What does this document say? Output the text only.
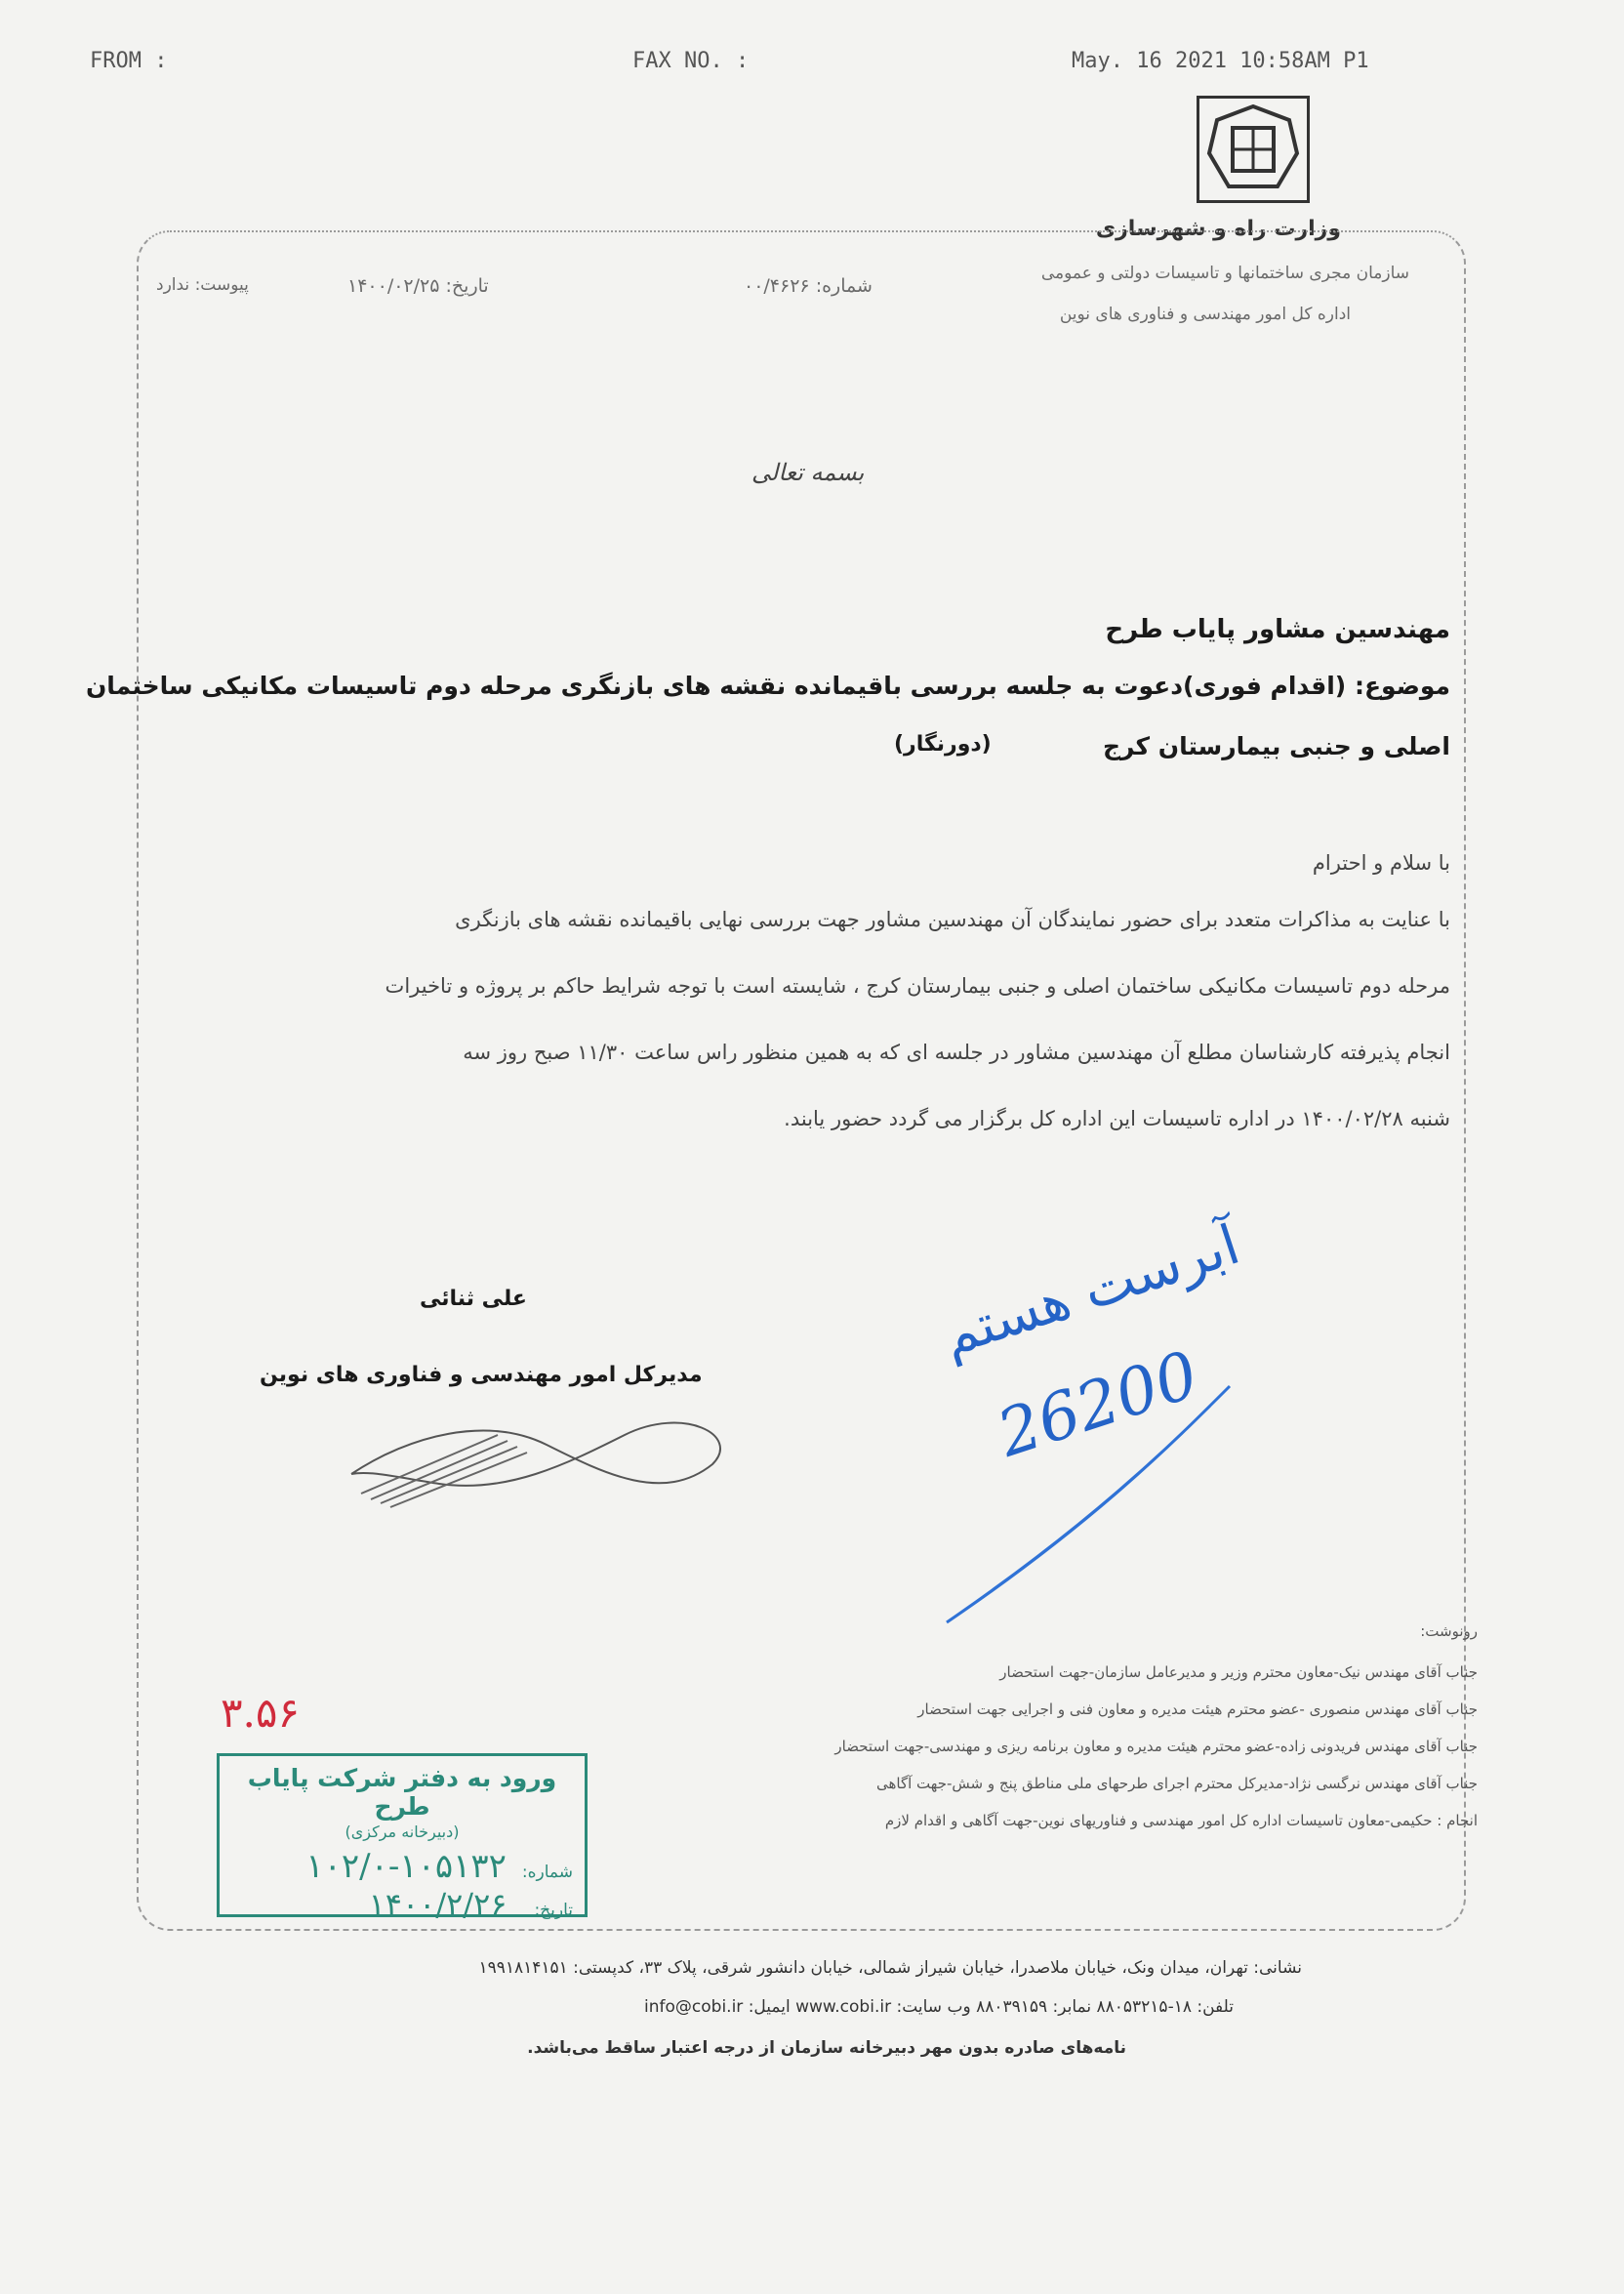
FROM :	FAX NO. :	May. 16 2021 10:58AM P1
وزارت راه و شهرسازی
سازمان مجری ساختمانها و تاسیسات دولتی و عمومی
اداره کل امور مهندسی و فناوری های نوین
پیوست: ندارد	تاریخ: ۱۴۰۰/۰۲/۲۵	شماره: ۰۰/۴۶۲۶
بسمه تعالی
مهندسین مشاور پایاب طرح
موضوع: (اقدام فوری)دعوت به جلسه بررسی باقیمانده نقشه های بازنگری مرحله دوم تاسیسات مکانیکی ساختمان
اصلی و جنبی بیمارستان کرج
(دورنگار)
با سلام و احترام
با عنایت به مذاکرات متعدد برای حضور نمایندگان آن مهندسین مشاور جهت بررسی نهایی باقیمانده نقشه های بازنگری
مرحله دوم تاسیسات مکانیکی ساختمان اصلی و جنبی بیمارستان کرج ، شایسته است با توجه شرایط حاکم بر پروژه و تاخیرات
انجام پذیرفته کارشناسان مطلع آن مهندسین مشاور در جلسه ای که به همین منظور راس ساعت ۱۱/۳۰ صبح روز سه
شنبه ۱۴۰۰/۰۲/۲۸ در اداره تاسیسات این اداره کل برگزار می گردد حضور یابند.
علی ثنائی
مدیرکل امور مهندسی و فناوری های نوین
آبرست هستم
26200
رونوشت:
جناب آقای مهندس نیک-معاون محترم وزیر و مدیرعامل سازمان-جهت استحضار
جناب آقای مهندس منصوری -عضو محترم هیئت مدیره و معاون فنی و اجرایی جهت استحضار
جناب آقای مهندس فریدونی زاده-عضو محترم هیئت مدیره و معاون برنامه ریزی و مهندسی-جهت استحضار
جناب آقای مهندس نرگسی نژاد-مدیرکل محترم اجرای طرحهای ملی مناطق پنج و شش-جهت آگاهی
انجام : حکیمی-معاون تاسیسات اداره کل امور مهندسی و فناوریهای نوین-جهت آگاهی و اقدام لازم
۳.۵۶
ورود به دفتر شرکت پایاب طرح
(دبیرخانه مرکزی)
شماره:
۱۰۲/۰-۱۰۵۱۳۲
تاریخ:
۱۴۰۰/۲/۲۶
نشانی: تهران، میدان ونک، خیابان ملاصدرا، خیابان شیراز شمالی، خیابان دانشور شرقی، پلاک ۳۳، کدپستی: ۱۹۹۱۸۱۴۱۵۱
تلفن: ۱۸-۸۸۰۵۳۲۱۵ نمابر: ۸۸۰۳۹۱۵۹ وب سایت: www.cobi.ir ایمیل: info@cobi.ir
نامه‌های صادره بدون مهر دبیرخانه سازمان از درجه اعتبار ساقط می‌باشد.
